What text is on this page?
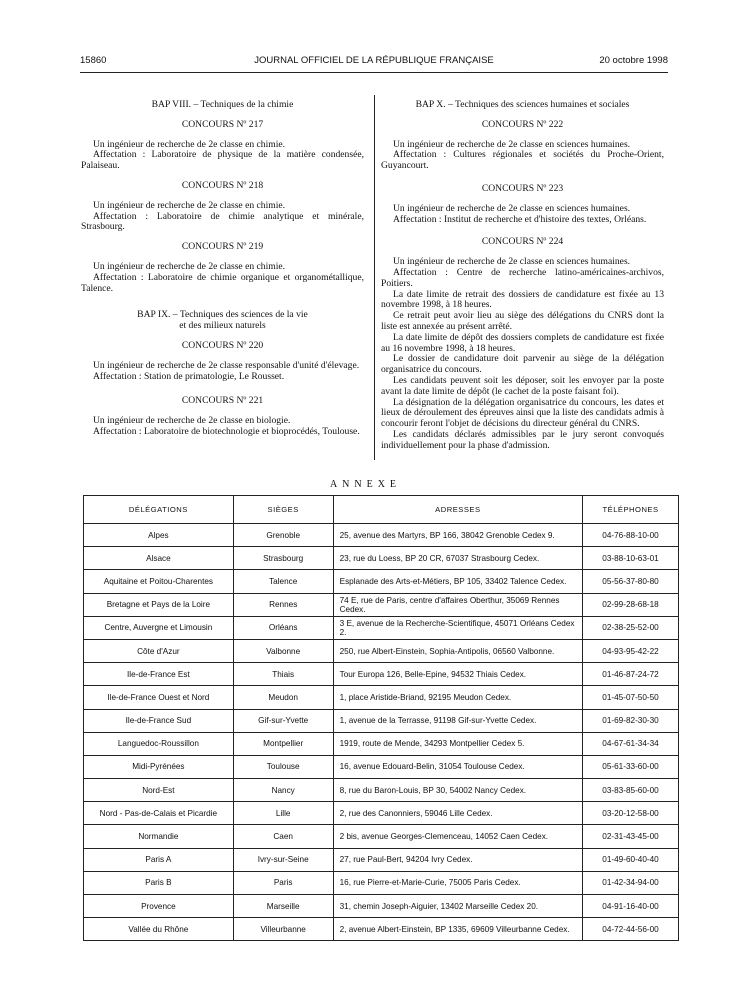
15860	JOURNAL OFFICIEL DE LA RÉPUBLIQUE FRANÇAISE	20 octobre 1998
BAP VIII. – Techniques de la chimie
CONCOURS Nº 217

Un ingénieur de recherche de 2e classe en chimie.

Affectation : Laboratoire de physique de la matière condensée, Palaiseau.

CONCOURS Nº 218

Un ingénieur de recherche de 2e classe en chimie.

Affectation : Laboratoire de chimie analytique et minérale, Strasbourg.

CONCOURS Nº 219

Un ingénieur de recherche de 2e classe en chimie.

Affectation : Laboratoire de chimie organique et organométallique, Talence.

BAP IX. – Techniques des sciences de la vie
et des milieux naturels
CONCOURS Nº 220

Un ingénieur de recherche de 2e classe responsable d'unité d'élevage.

Affectation : Station de primatologie, Le Rousset.

CONCOURS Nº 221

Un ingénieur de recherche de 2e classe en biologie.

Affectation : Laboratoire de biotechnologie et bioprocédés, Toulouse.

BAP X. – Techniques des sciences humaines et sociales
CONCOURS Nº 222

Un ingénieur de recherche de 2e classe en sciences humaines.

Affectation : Cultures régionales et sociétés du Proche-Orient, Guyancourt.

CONCOURS Nº 223

Un ingénieur de recherche de 2e classe en sciences humaines.

Affectation : Institut de recherche et d'histoire des textes, Orléans.

CONCOURS Nº 224

Un ingénieur de recherche de 2e classe en sciences humaines.

Affectation : Centre de recherche latino-américaines-archivos, Poitiers.

La date limite de retrait des dossiers de candidature est fixée au 13 novembre 1998, à 18 heures.

Ce retrait peut avoir lieu au siège des délégations du CNRS dont la liste est annexée au présent arrêté.

La date limite de dépôt des dossiers complets de candidature est fixée au 16 novembre 1998, à 18 heures.

Le dossier de candidature doit parvenir au siège de la délégation organisatrice du concours.

Les candidats peuvent soit les déposer, soit les envoyer par la poste avant la date limite de dépôt (le cachet de la poste faisant foi).

La désignation de la délégation organisatrice du concours, les dates et lieux de déroulement des épreuves ainsi que la liste des candidats admis à concourir feront l'objet de décisions du directeur général du CNRS.

Les candidats déclarés admissibles par le jury seront convoqués individuellement pour la phase d'admission.

ANNEXE
DÉLÉGATIONS	SIÈGES	ADRESSES	TÉLÉPHONES
Alpes	Grenoble	25, avenue des Martyrs, BP 166, 38042 Grenoble Cedex 9.	04-76-88-10-00
Alsace	Strasbourg	23, rue du Loess, BP 20 CR, 67037 Strasbourg Cedex.	03-88-10-63-01
Aquitaine et Poitou-Charentes	Talence	Esplanade des Arts-et-Métiers, BP 105, 33402 Talence Cedex.	05-56-37-80-80
Bretagne et Pays de la Loire	Rennes	74 E, rue de Paris, centre d'affaires Oberthur, 35069 Rennes Cedex.	02-99-28-68-18
Centre, Auvergne et Limousin	Orléans	3 E, avenue de la Recherche-Scientifique, 45071 Orléans Cedex 2.	02-38-25-52-00
Côte d'Azur	Valbonne	250, rue Albert-Einstein, Sophia-Antipolis, 06560 Valbonne.	04-93-95-42-22
Ile-de-France Est	Thiais	Tour Europa 126, Belle-Epine, 94532 Thiais Cedex.	01-46-87-24-72
Ile-de-France Ouest et Nord	Meudon	1, place Aristide-Briand, 92195 Meudon Cedex.	01-45-07-50-50
Ile-de-France Sud	Gif-sur-Yvette	1, avenue de la Terrasse, 91198 Gif-sur-Yvette Cedex.	01-69-82-30-30
Languedoc-Roussillon	Montpellier	1919, route de Mende, 34293 Montpellier Cedex 5.	04-67-61-34-34
Midi-Pyrénées	Toulouse	16, avenue Edouard-Belin, 31054 Toulouse Cedex.	05-61-33-60-00
Nord-Est	Nancy	8, rue du Baron-Louis, BP 30, 54002 Nancy Cedex.	03-83-85-60-00
Nord - Pas-de-Calais et Picardie	Lille	2, rue des Canonniers, 59046 Lille Cedex.	03-20-12-58-00
Normandie	Caen	2 bis, avenue Georges-Clemenceau, 14052 Caen Cedex.	02-31-43-45-00
Paris A	Ivry-sur-Seine	27, rue Paul-Bert, 94204 Ivry Cedex.	01-49-60-40-40
Paris B	Paris	16, rue Pierre-et-Marie-Curie, 75005 Paris Cedex.	01-42-34-94-00
Provence	Marseille	31, chemin Joseph-Aiguier, 13402 Marseille Cedex 20.	04-91-16-40-00
Vallée du Rhône	Villeurbanne	2, avenue Albert-Einstein, BP 1335, 69609 Villeurbanne Cedex.	04-72-44-56-00
